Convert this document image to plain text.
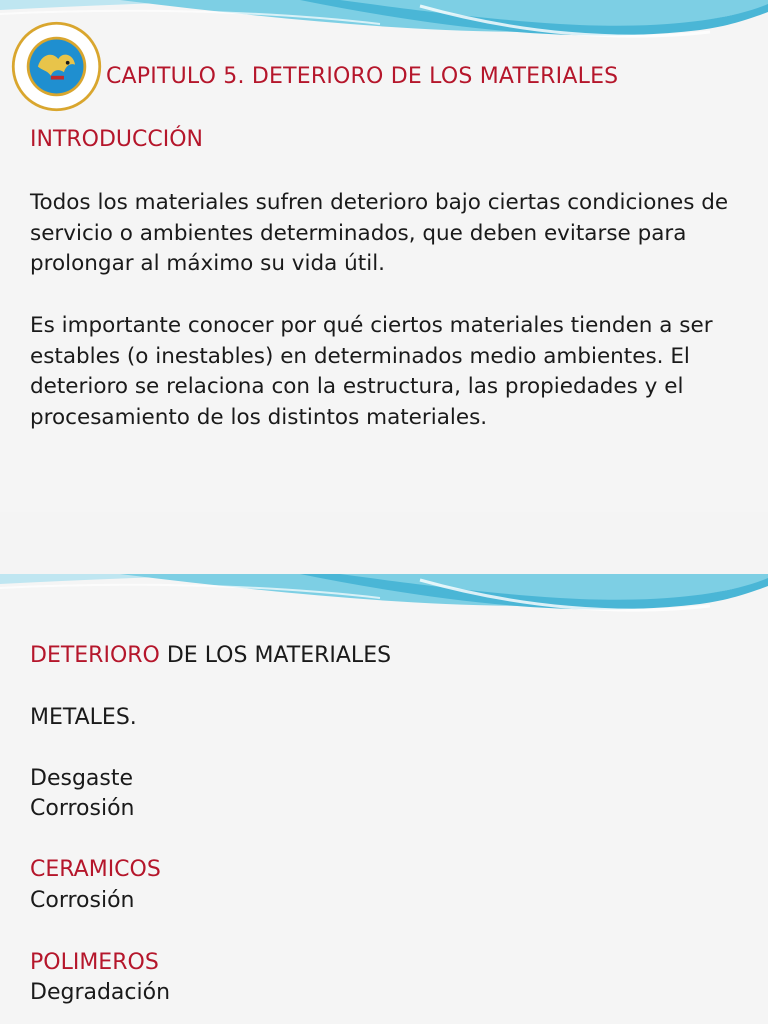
CAPITULO 5. DETERIORO DE LOS MATERIALES
INTRODUCCIÓN

Todos los materiales sufren deterioro bajo ciertas condiciones de servicio o ambientes determinados, que deben evitarse para prolongar al máximo su vida útil.

Es importante conocer por qué ciertos materiales tienden a ser estables (o inestables) en determinados medio ambientes. El deterioro se relaciona con la estructura, las propiedades y el procesamiento de los distintos materiales.

DETERIORO DE LOS MATERIALES
METALES.
Desgaste
Corrosión
CERAMICOS
Corrosión
POLIMEROS
Degradación
